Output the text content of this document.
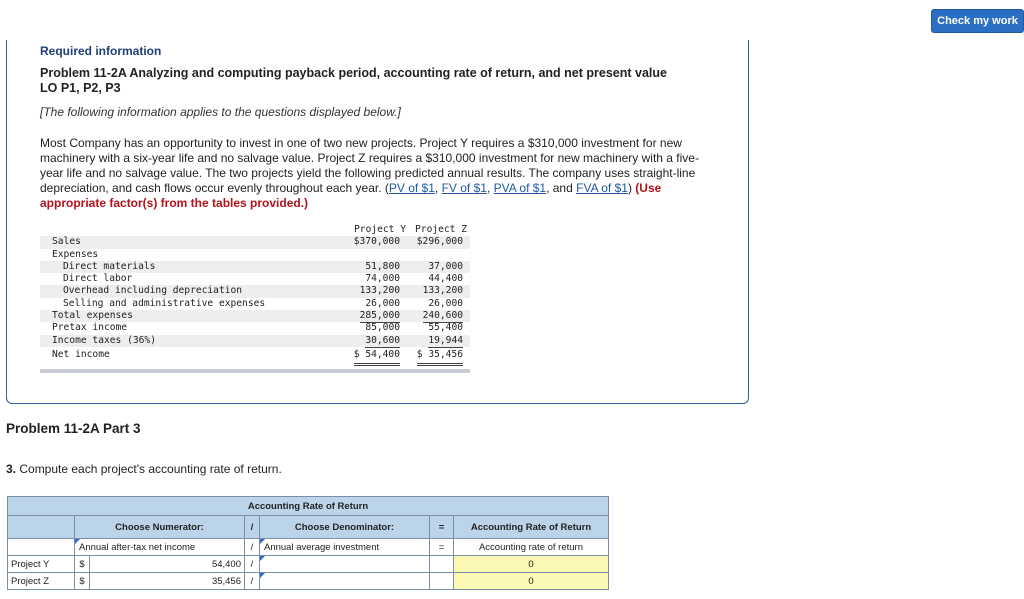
Check my work
Required information
Problem 11-2A Analyzing and computing payback period, accounting rate of return, and net present value
LO P1, P2, P3
[The following information applies to the questions displayed below.]
Most Company has an opportunity to invest in one of two new projects. Project Y requires a $310,000 investment for new machinery with a six-year life and no salvage value. Project Z requires a $310,000 investment for new machinery with a five-year life and no salvage value. The two projects yield the following predicted annual results. The company uses straight-line depreciation, and cash flows occur evenly throughout each year. (PV of $1, FV of $1, PVA of $1, and FVA of $1) (Use appropriate factor(s) from the tables provided.)
Project Y Project Z
Sales	$370,000 $296,000
Expenses
Direct materials	51,800	37,000
Direct labor	74,000	44,400
Overhead including depreciation	133,200 133,200
Selling and administrative expenses	26,000	26,000
Total expenses	285,000 240,600
Pretax income	85,000	55,400
Income taxes (36%)	30,600	19,944
Net income	$ 54,400 $ 35,456
Problem 11-2A Part 3
3. Compute each project's accounting rate of return.
Accounting Rate of Return						
	Choose Numerator:		/	Choose Denominator:	=	Accounting Rate of Return

Annual after-tax net income		/	Annual average investment	=	Accounting rate of return
Project Y	$	54,400	/			0
Project Z	$	35,456	/			0
